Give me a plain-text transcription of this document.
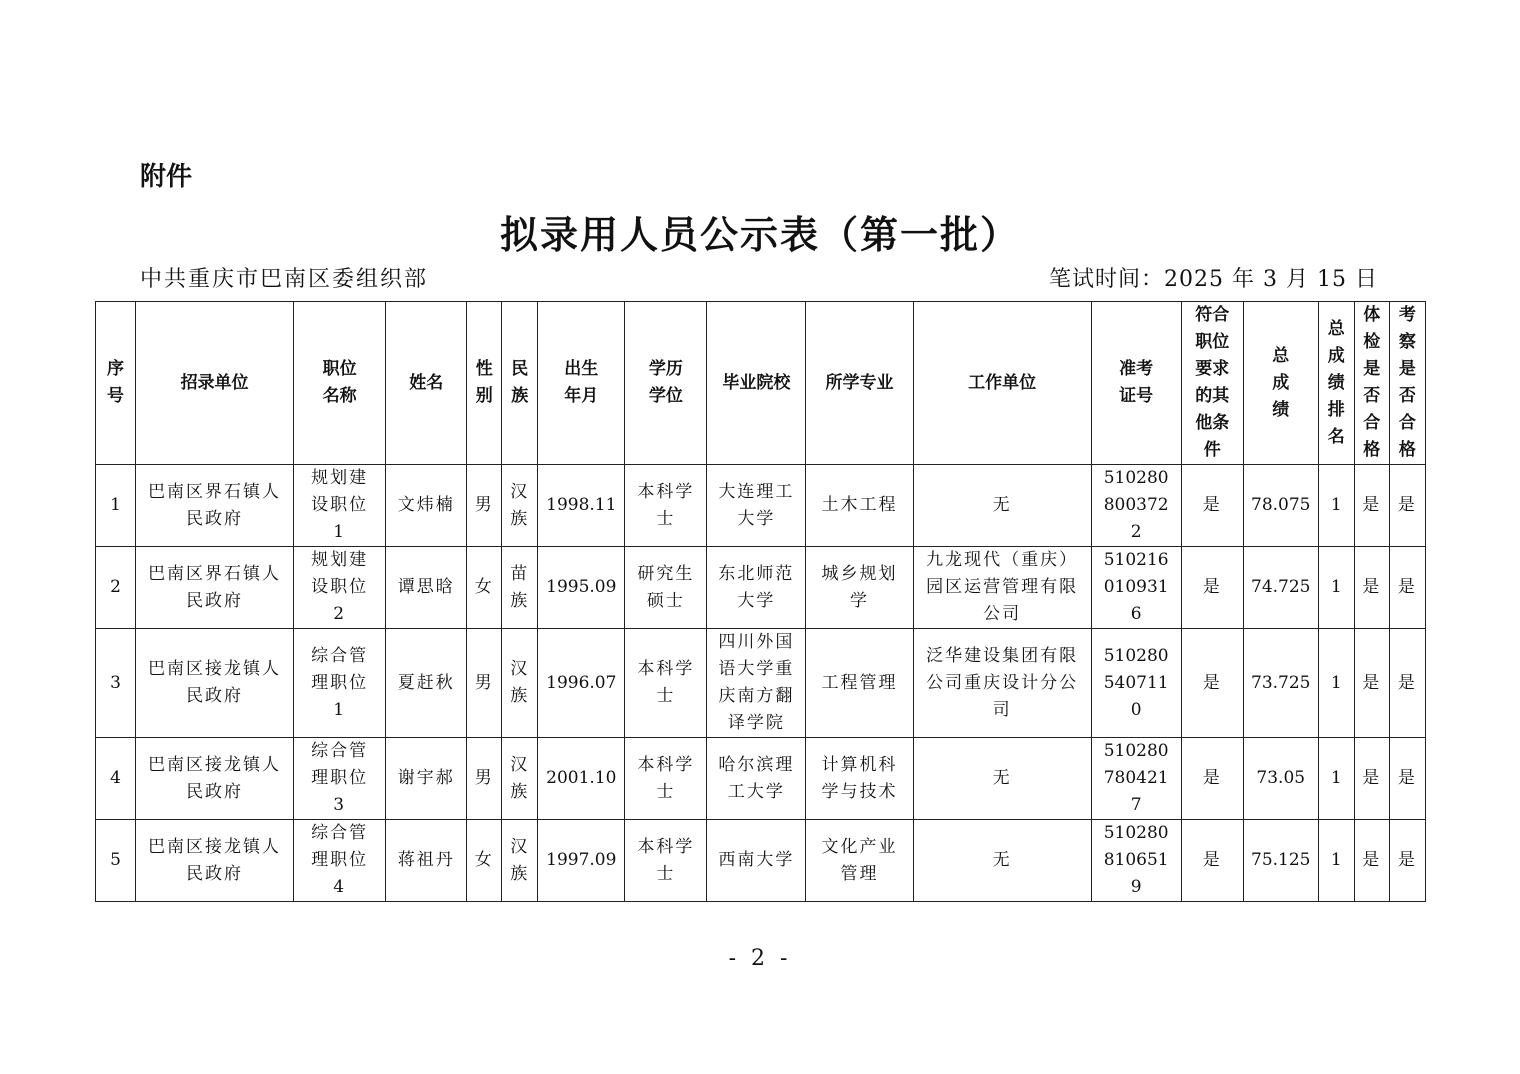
附件
拟录用人员公示表（第一批）
中共重庆市巴南区委组织部	笔试时间：2025 年 3 月 15 日
序号	招录单位	职位名称	姓名	性别	民族	出生年月	学历学位	毕业院校	所学专业	工作单位	准考证号	符合职位要求的其他条件	总成绩	总成绩排名	体检是否合格	考察是否合格
1	巴南区界石镇人民政府	规划建设职位 1	文炜楠	男	汉族	1998.11	本科学士	大连理工大学	土木工程	无	5102808003722	是	78.075	1	是	是
2	巴南区界石镇人民政府	规划建设职位 2	谭思晗	女	苗族	1995.09	研究生硕士	东北师范大学	城乡规划学	九龙现代（重庆）园区运营管理有限公司	5102160109316	是	74.725	1	是	是
3	巴南区接龙镇人民政府	综合管理职位 1	夏赶秋	男	汉族	1996.07	本科学士	四川外国语大学重庆南方翻译学院	工程管理	泛华建设集团有限公司重庆设计分公司	5102805407110	是	73.725	1	是	是
4	巴南区接龙镇人民政府	综合管理职位 3	谢宇郝	男	汉族	2001.10	本科学士	哈尔滨理工大学	计算机科学与技术	无	5102807804217	是	73.05	1	是	是
5	巴南区接龙镇人民政府	综合管理职位 4	蒋祖丹	女	汉族	1997.09	本科学士	西南大学	文化产业管理	无	5102808106519	是	75.125	1	是	是
- 2 -
